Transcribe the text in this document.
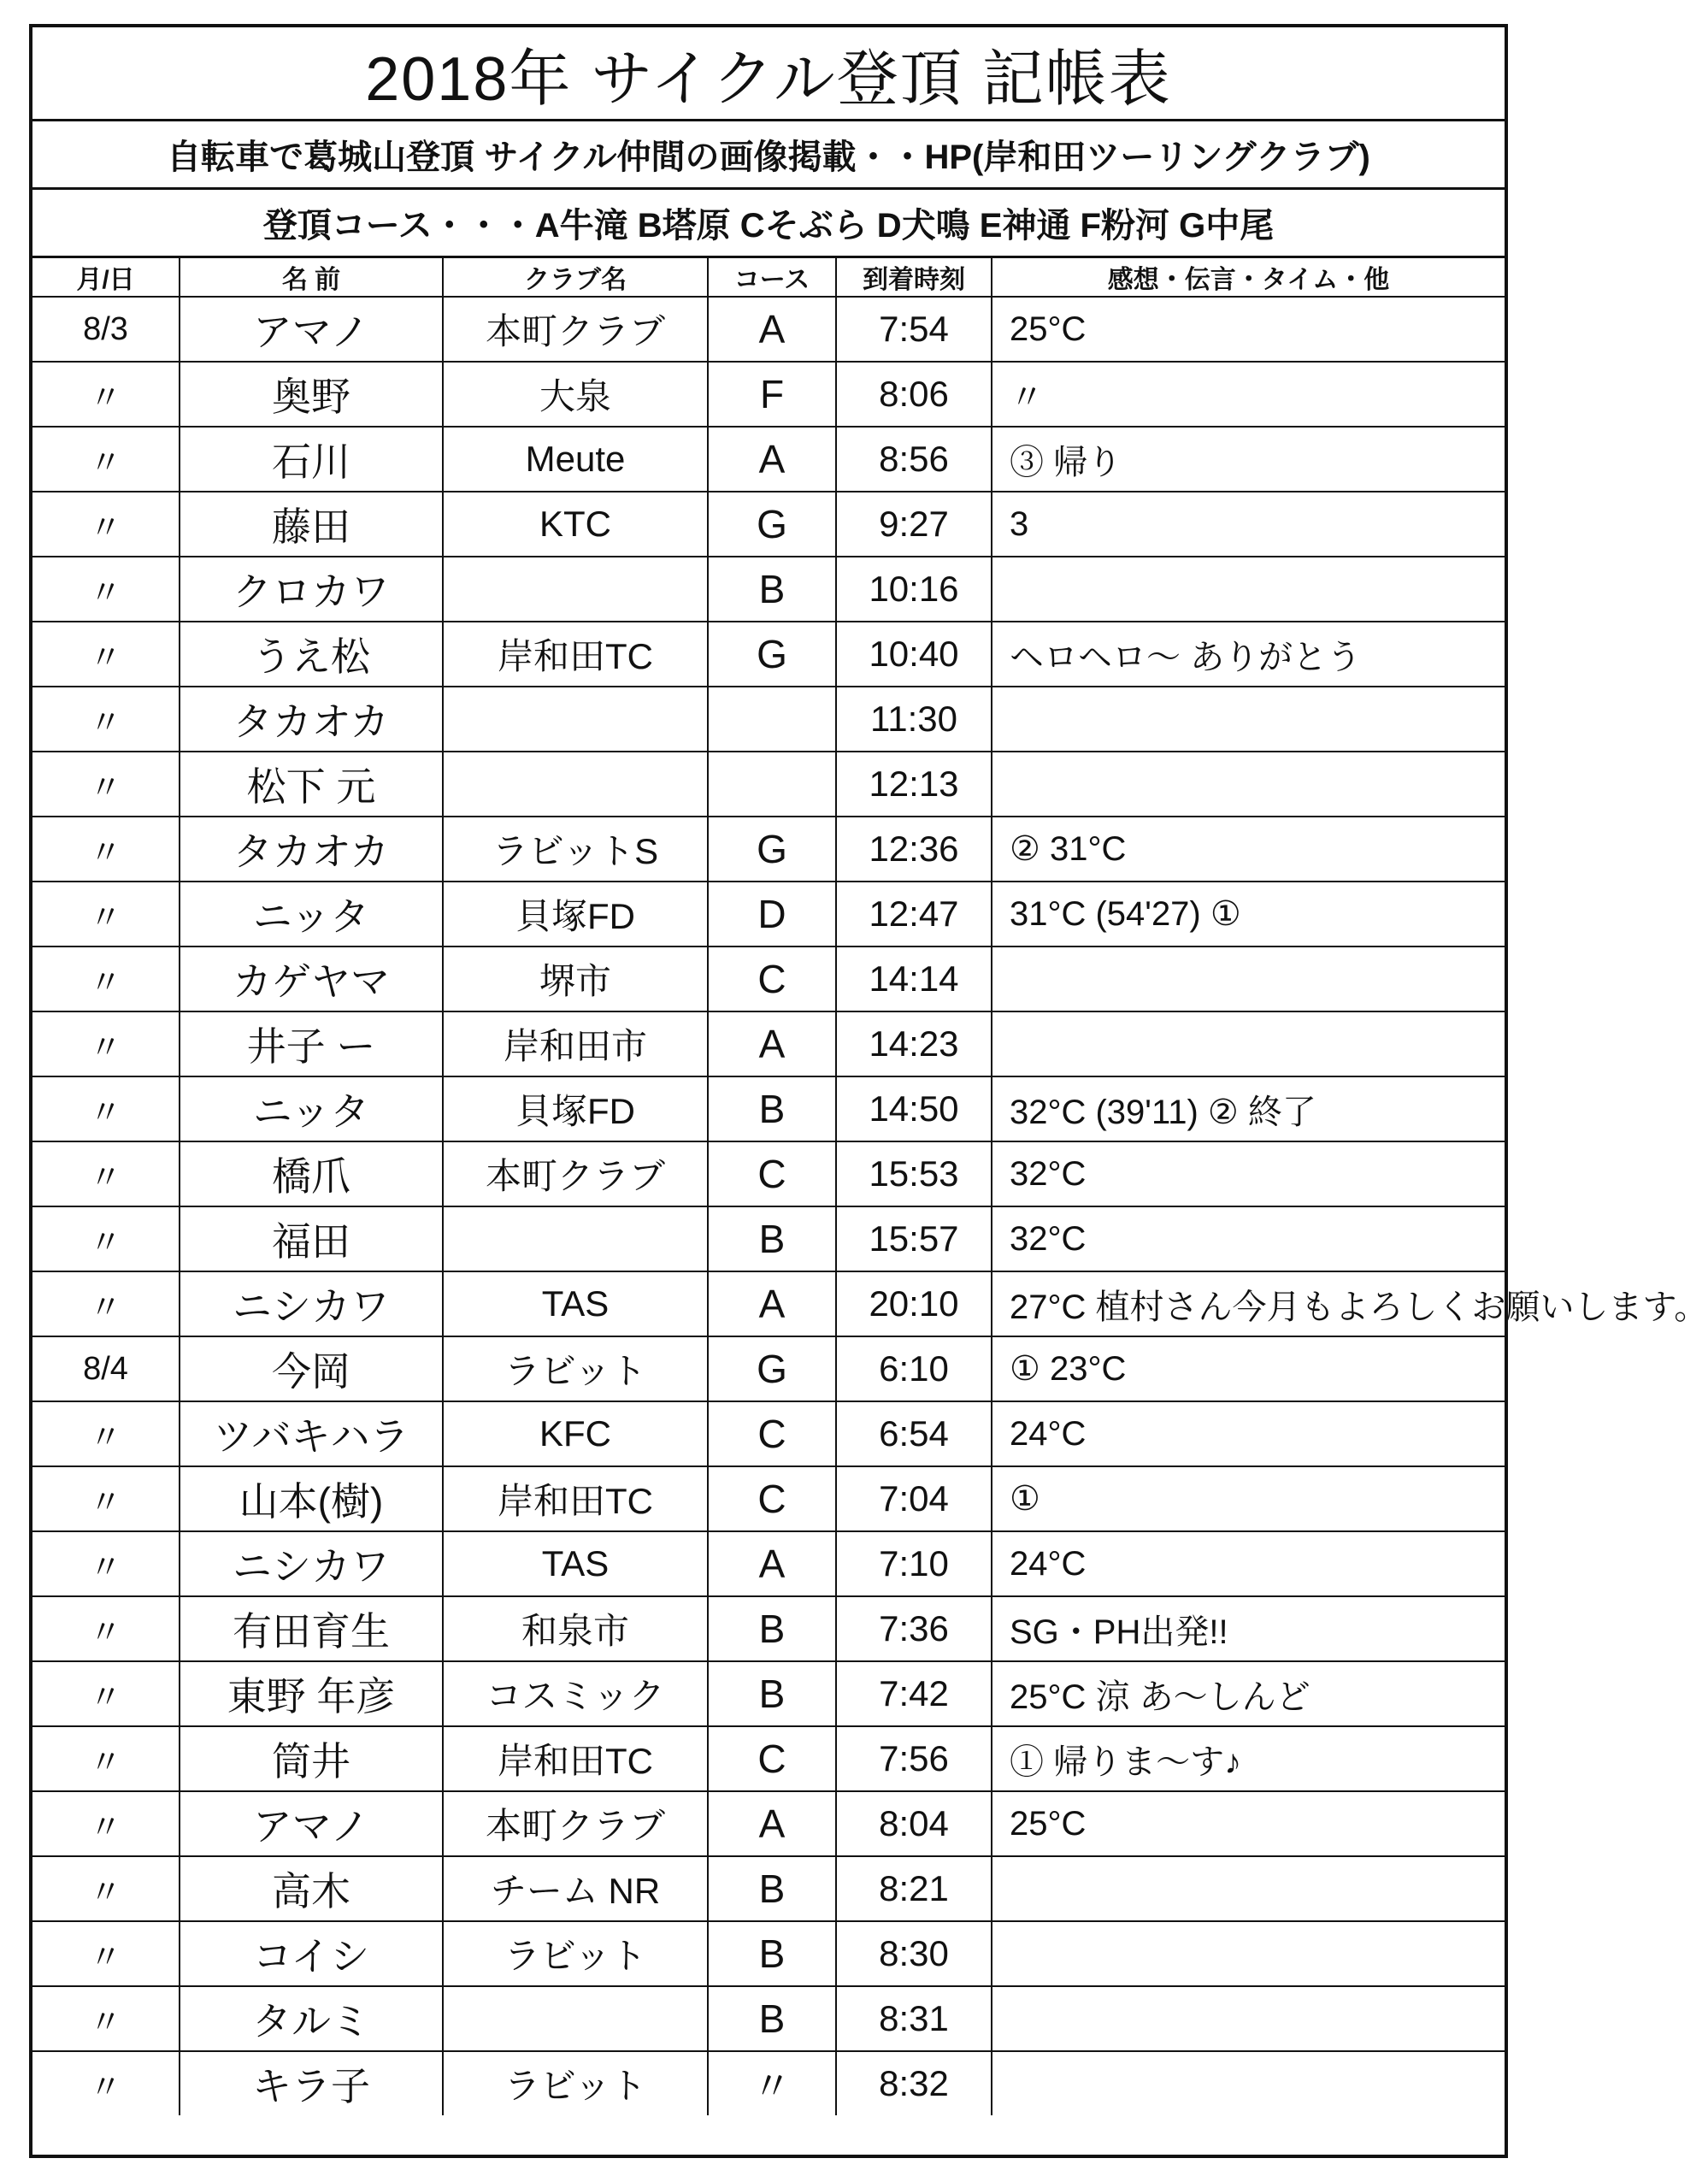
2018年 サイクル登頂 記帳表
自転車で葛城山登頂 サイクル仲間の画像掲載・・HP(岸和田ツーリングクラブ)
登頂コース・・・A牛滝 B塔原 Cそぶら D犬鳴 E神通 F粉河 G中尾
月/日	名 前	クラブ名	コース	到着時刻	感想・伝言・タイム・他
8/3	アマノ	本町クラブ	A	7:54	25°C
〃	奥野	大泉	F	8:06	〃
〃	石川	Meute	A	8:56	③ 帰り
〃	藤田	KTC	G	9:27	3
〃	クロカワ		B	10:16	
〃	うえ松	岸和田TC	G	10:40	ヘロヘロ〜 ありがとう
〃	タカオカ			11:30	
〃	松下 元			12:13	
〃	タカオカ	ラビットS	G	12:36	② 31°C
〃	ニッタ	貝塚FD	D	12:47	31°C (54'27) ①
〃	カゲヤマ	堺市	C	14:14	
〃	井子 ー	岸和田市	A	14:23	
〃	ニッタ	貝塚FD	B	14:50	32°C (39'11) ② 終了
〃	橋爪	本町クラブ	C	15:53	32°C
〃	福田		B	15:57	32°C
〃	ニシカワ	TAS	A	20:10	27°C 植村さん今月もよろしくお願いします。
8/4	今岡	ラビット	G	6:10	① 23°C
〃	ツバキハラ	KFC	C	6:54	24°C
〃	山本(樹)	岸和田TC	C	7:04	①
〃	ニシカワ	TAS	A	7:10	24°C
〃	有田育生	和泉市	B	7:36	SG・PH出発!!
〃	東野 年彦	コスミック	B	7:42	25°C 涼 あ〜しんど
〃	筒井	岸和田TC	C	7:56	① 帰りま〜す♪
〃	アマノ	本町クラブ	A	8:04	25°C
〃	高木	チーム NR	B	8:21	
〃	コイシ	ラビット	B	8:30	
〃	タルミ		B	8:31	
〃	キラ子	ラビット	〃	8:32	
